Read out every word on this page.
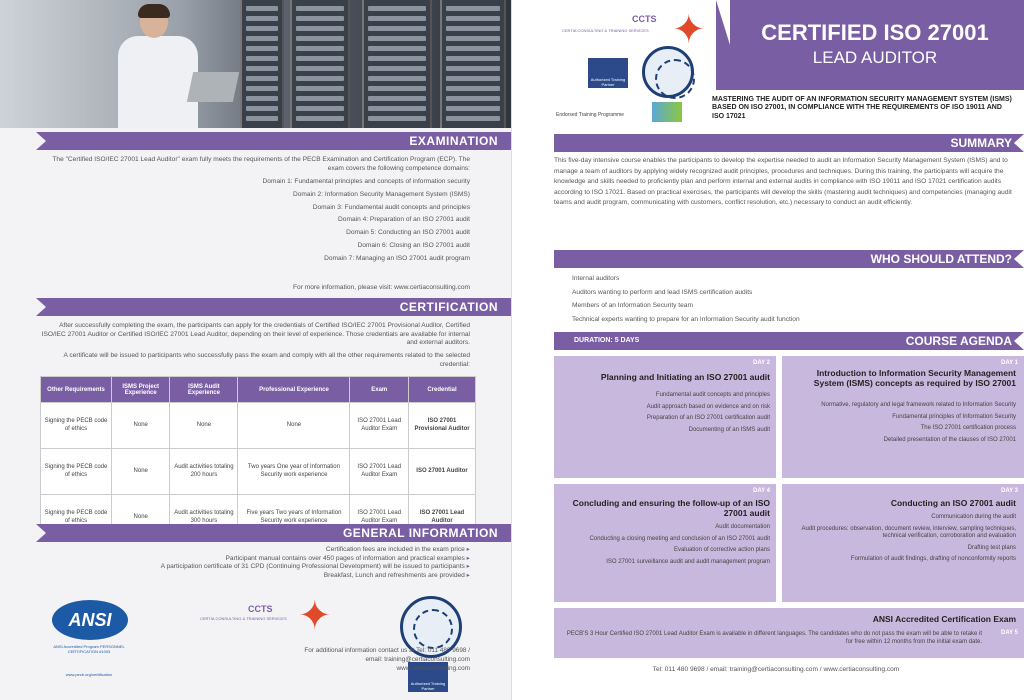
EXAMINATION
The "Certified ISO/IEC 27001 Lead Auditor" exam fully meets the requirements of the PECB Examination and Certification Program (ECP). The exam covers the following competence domains:
Domain 1: Fundamental principles and concepts of information security
Domain 2: Information Security Management System (ISMS)
Domain 3: Fundamental audit concepts and principles
Domain 4: Preparation of an ISO 27001 audit
Domain 5: Conducting an ISO 27001 audit
Domain 6: Closing an ISO 27001 audit
Domain 7: Managing an ISO 27001 audit program
For more information, please visit: www.certiaconsulting.com
CERTIFICATION
After successfully completing the exam, the participants can apply for the credentials of Certified ISO/IEC 27001 Provisional Auditor, Certified ISO/IEC 27001 Auditor or Certified ISO/IEC 27001 Lead Auditor, depending on their level of experience. Those credentials are available for internal and external auditors.
A certificate will be issued to participants who successfully pass the exam and comply with all the other requirements related to the selected credential:
Other Requirements	ISMS Project Experience	ISMS Audit Experience	Professional Experience	Exam	Credential
Signing the PECB code of ethics	None	None	None	ISO 27001 Lead Auditor Exam	ISO 27001 Provisional Auditor
Signing the PECB code of ethics	None	Audit activities totaling 200 hours	Two years One year of Information Security work experience	ISO 27001 Lead Auditor Exam	ISO 27001 Auditor
Signing the PECB code of ethics	None	Audit activities totaling 300 hours	Five years Two years of Information Security work experience	ISO 27001 Lead Auditor Exam	ISO 27001 Lead Auditor
GENERAL INFORMATION
Certification fees are included in the exam price ▸
Participant manual contains over 450 pages of information and practical examples ▸
A participation certificate of 31 CPD (Continuing Professional Development) will be issued to participants ▸
Breakfast, Lunch and refreshments are provided ▸
ANSI
ANSI Accredited Program PERSONNEL CERTIFICATION #1003
www.pecb.org/certification
CCTS
CERTIA CONSULTING & TRAINING SERVICES ✦
Authorized Training Partner
For additional information contact us at Tel: 011 480 9698 /
email: training@certiaconsulting.com
www.certiaconsulting.com
CCTS
CERTIA CONSULTING & TRAINING SERVICES ✦
Authorized Training Partner
Endorsed Training Programme
CERTIFIED ISO 27001
LEAD AUDITOR
MASTERING THE AUDIT OF AN INFORMATION SECURITY MANAGEMENT SYSTEM (ISMS) BASED ON ISO 27001, IN COMPLIANCE WITH THE REQUIREMENTS OF ISO 19011 AND ISO 17021
SUMMARY
This five-day intensive course enables the participants to develop the expertise needed to audit an Information Security Management System (ISMS) and to manage a team of auditors by applying widely recognized audit principles, procedures and techniques. During this training, the participants will acquire the knowledge and skills needed to proficiently plan and perform internal and external audits in compliance with ISO 19011 and ISO 17021 certification audits according to ISO 17021. Based on practical exercises, the participants will develop the skills (mastering audit techniques) and competencies (managing audit teams and audit program, communicating with customers, conflict resolution, etc.) necessary to conduct an audit efficiently.
WHO SHOULD ATTEND?
Internal auditors
Auditors wanting to perform and lead ISMS certification audits
Members of an Information Security team
Technical experts wanting to prepare for an Information Security audit function
DURATION: 5 DAYS	COURSE AGENDA
DAY 2
Planning and Initiating an ISO 27001 audit
Fundamental audit concepts and principles
Audit approach based on evidence and on risk
Preparation of an ISO 27001 certification audit
Documenting of an ISMS audit
DAY 1
Introduction to Information Security Management System (ISMS) concepts as required by ISO 27001
Normative, regulatory and legal framework related to Information Security
Fundamental principles of Information Security
The ISO 27001 certification process
Detailed presentation of the clauses of ISO 27001
DAY 4
Concluding and ensuring the follow-up of an ISO 27001 audit
Audit documentation
Conducting a closing meeting and conclusion of an ISO 27001 audit
Evaluation of corrective action plans
ISO 27001 surveillance audit and audit management program
DAY 3
Conducting an ISO 27001 audit
Communication during the audit
Audit procedures: observation, document review, interview, sampling techniques, technical verification, corroboration and evaluation
Drafting test plans
Formulation of audit findings, drafting of nonconformity reports
DAY 5
ANSI Accredited Certification Exam
PECB'S 3 Hour Certified ISO 27001 Lead Auditor Exam is available in different languages. The candidates who do not pass the exam will be able to retake it for free within 12 months from the initial exam date.
Tel: 011 480 9698 / email: training@certiaconsulting.com / www.certiaconsulting.com
